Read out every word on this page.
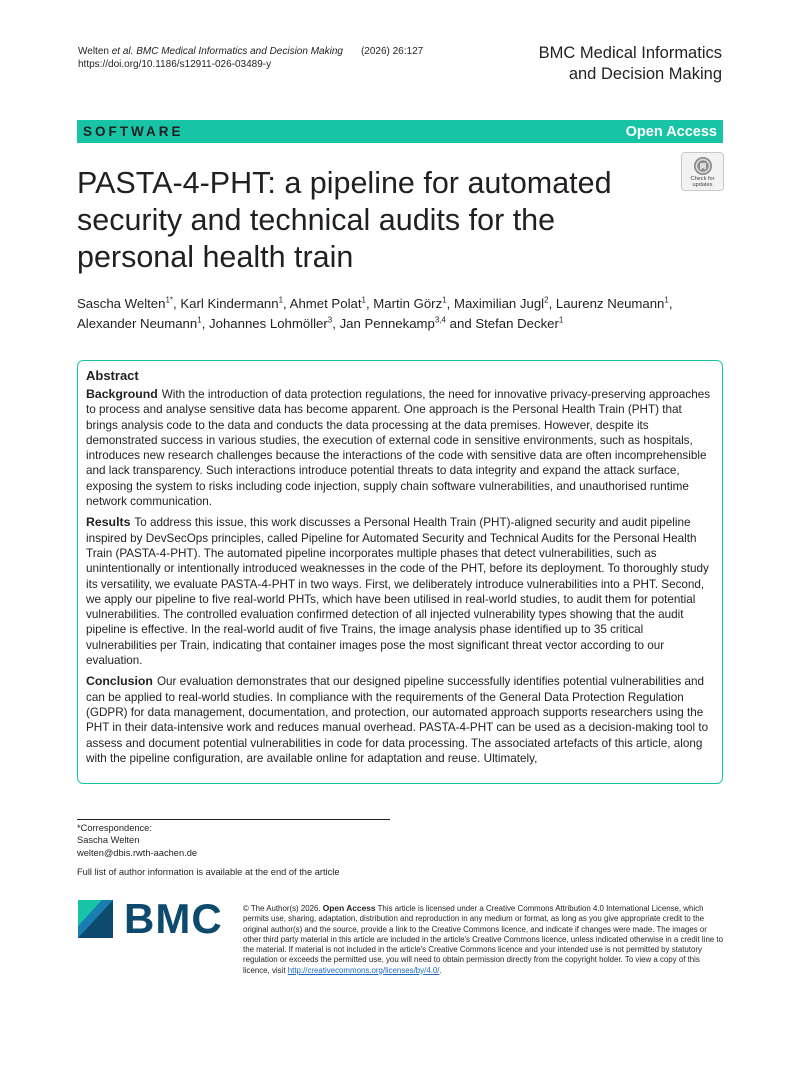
Welten et al. BMC Medical Informatics and Decision Making (2026) 26:127
https://doi.org/10.1186/s12911-026-03489-y
BMC Medical Informatics
and Decision Making
SOFTWARE	Open Access
Check for
updates
PASTA-4-PHT: a pipeline for automated security and technical audits for the personal health train

Sascha Welten$^{1*}$, Karl Kindermann$^1$, Ahmet Polat$^1$, Martin Görz$^1$, Maximilian Jugl$^2$, Laurenz Neumann$^1$, Alexander Neumann$^1$, Johannes Lohmöller$^3$, Jan Pennekamp$^{3,4}$ and Stefan Decker$^1$

Abstract

Background With the introduction of data protection regulations, the need for innovative privacy-preserving approaches to process and analyse sensitive data has become apparent. One approach is the Personal Health Train (PHT) that brings analysis code to the data and conducts the data processing at the data premises. However, despite its demonstrated success in various studies, the execution of external code in sensitive environments, such as hospitals, introduces new research challenges because the interactions of the code with sensitive data are often incomprehensible and lack transparency. Such interactions introduce potential threats to data integrity and expand the attack surface, exposing the system to risks including code injection, supply chain software vulnerabilities, and unauthorised runtime network communication.

Results To address this issue, this work discusses a Personal Health Train (PHT)-aligned security and audit pipeline inspired by DevSecOps principles, called Pipeline for Automated Security and Technical Audits for the Personal Health Train (PASTA-4-PHT). The automated pipeline incorporates multiple phases that detect vulnerabilities, such as unintentionally or intentionally introduced weaknesses in the code of the PHT, before its deployment. To thoroughly study its versatility, we evaluate PASTA-4-PHT in two ways. First, we deliberately introduce vulnerabilities into a PHT. Second, we apply our pipeline to five real-world PHTs, which have been utilised in real-world studies, to audit them for potential vulnerabilities. The controlled evaluation confirmed detection of all injected vulnerability types showing that the audit pipeline is effective. In the real-world audit of five Trains, the image analysis phase identified up to 35 critical vulnerabilities per Train, indicating that container images pose the most significant threat vector according to our evaluation.

Conclusion Our evaluation demonstrates that our designed pipeline successfully identifies potential vulnerabilities and can be applied to real-world studies. In compliance with the requirements of the General Data Protection Regulation (GDPR) for data management, documentation, and protection, our automated approach supports researchers using the PHT in their data-intensive work and reduces manual overhead. PASTA-4-PHT can be used as a decision-making tool to assess and document potential vulnerabilities in code for data processing. The associated artefacts of this article, along with the pipeline configuration, are available online for adaptation and reuse. Ultimately,

*Correspondence:
Sascha Welten
welten@dbis.rwth-aachen.de
Full list of author information is available at the end of the article
BMC	© The Author(s) 2026. Open Access This article is licensed under a Creative Commons Attribution 4.0 International License, which permits use, sharing, adaptation, distribution and reproduction in any medium or format, as long as you give appropriate credit to the original author(s) and the source, provide a link to the Creative Commons licence, and indicate if changes were made. The images or other third party material in this article are included in the article's Creative Commons licence, unless indicated otherwise in a credit line to the material. If material is not included in the article's Creative Commons licence and your intended use is not permitted by statutory regulation or exceeds the permitted use, you will need to obtain permission directly from the copyright holder. To view a copy of this licence, visit http://creativecommons.org/licenses/by/4.0/.
